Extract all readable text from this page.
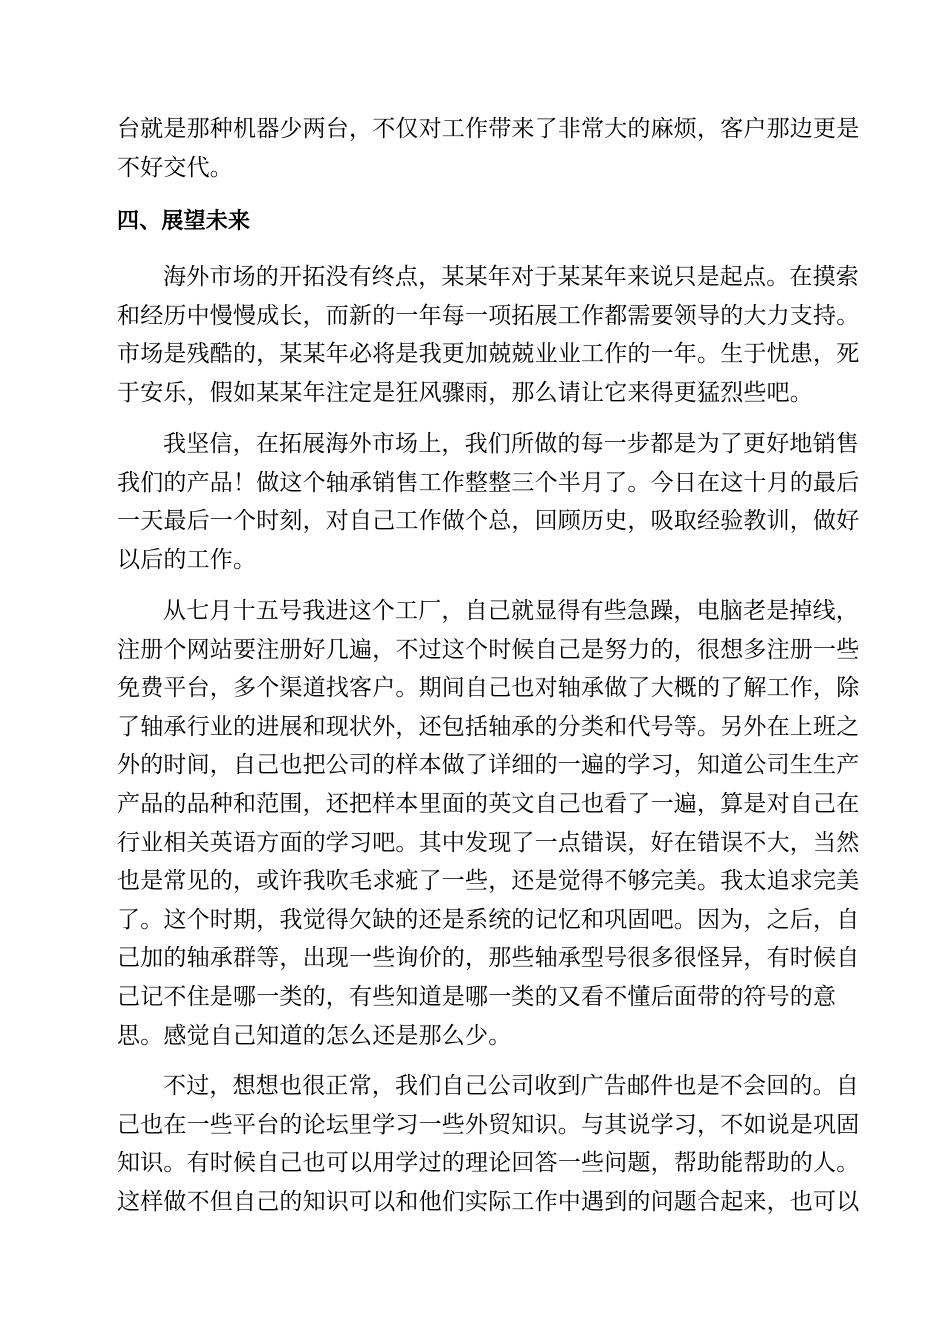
台就是那种机器少两台，不仅对工作带来了非常大的麻烦，客户那边更是
不好交代。
四、展望未来
海外市场的开拓没有终点，某某年对于某某年来说只是起点。在摸索
和经历中慢慢成长，而新的一年每一项拓展工作都需要领导的大力支持。
市场是残酷的，某某年必将是我更加兢兢业业工作的一年。生于忧患，死
于安乐，假如某某年注定是狂风骤雨，那么请让它来得更猛烈些吧。
我坚信，在拓展海外市场上，我们所做的每一步都是为了更好地销售
我们的产品！做这个轴承销售工作整整三个半月了。今日在这十月的最后
一天最后一个时刻，对自己工作做个总，回顾历史，吸取经验教训，做好
以后的工作。
从七月十五号我进这个工厂，自己就显得有些急躁，电脑老是掉线，
注册个网站要注册好几遍，不过这个时候自己是努力的，很想多注册一些
免费平台，多个渠道找客户。期间自己也对轴承做了大概的了解工作，除
了轴承行业的进展和现状外，还包括轴承的分类和代号等。另外在上班之
外的时间，自己也把公司的样本做了详细的一遍的学习，知道公司生生产
产品的品种和范围，还把样本里面的英文自己也看了一遍，算是对自己在
行业相关英语方面的学习吧。其中发现了一点错误，好在错误不大，当然
也是常见的，或许我吹毛求疵了一些，还是觉得不够完美。我太追求完美
了。这个时期，我觉得欠缺的还是系统的记忆和巩固吧。因为，之后，自
己加的轴承群等，出现一些询价的，那些轴承型号很多很怪异，有时候自
己记不住是哪一类的，有些知道是哪一类的又看不懂后面带的符号的意
思。感觉自己知道的怎么还是那么少。
不过，想想也很正常，我们自己公司收到广告邮件也是不会回的。自
己也在一些平台的论坛里学习一些外贸知识。与其说学习，不如说是巩固
知识。有时候自己也可以用学过的理论回答一些问题，帮助能帮助的人。
这样做不但自己的知识可以和他们实际工作中遇到的问题合起来，也可以
